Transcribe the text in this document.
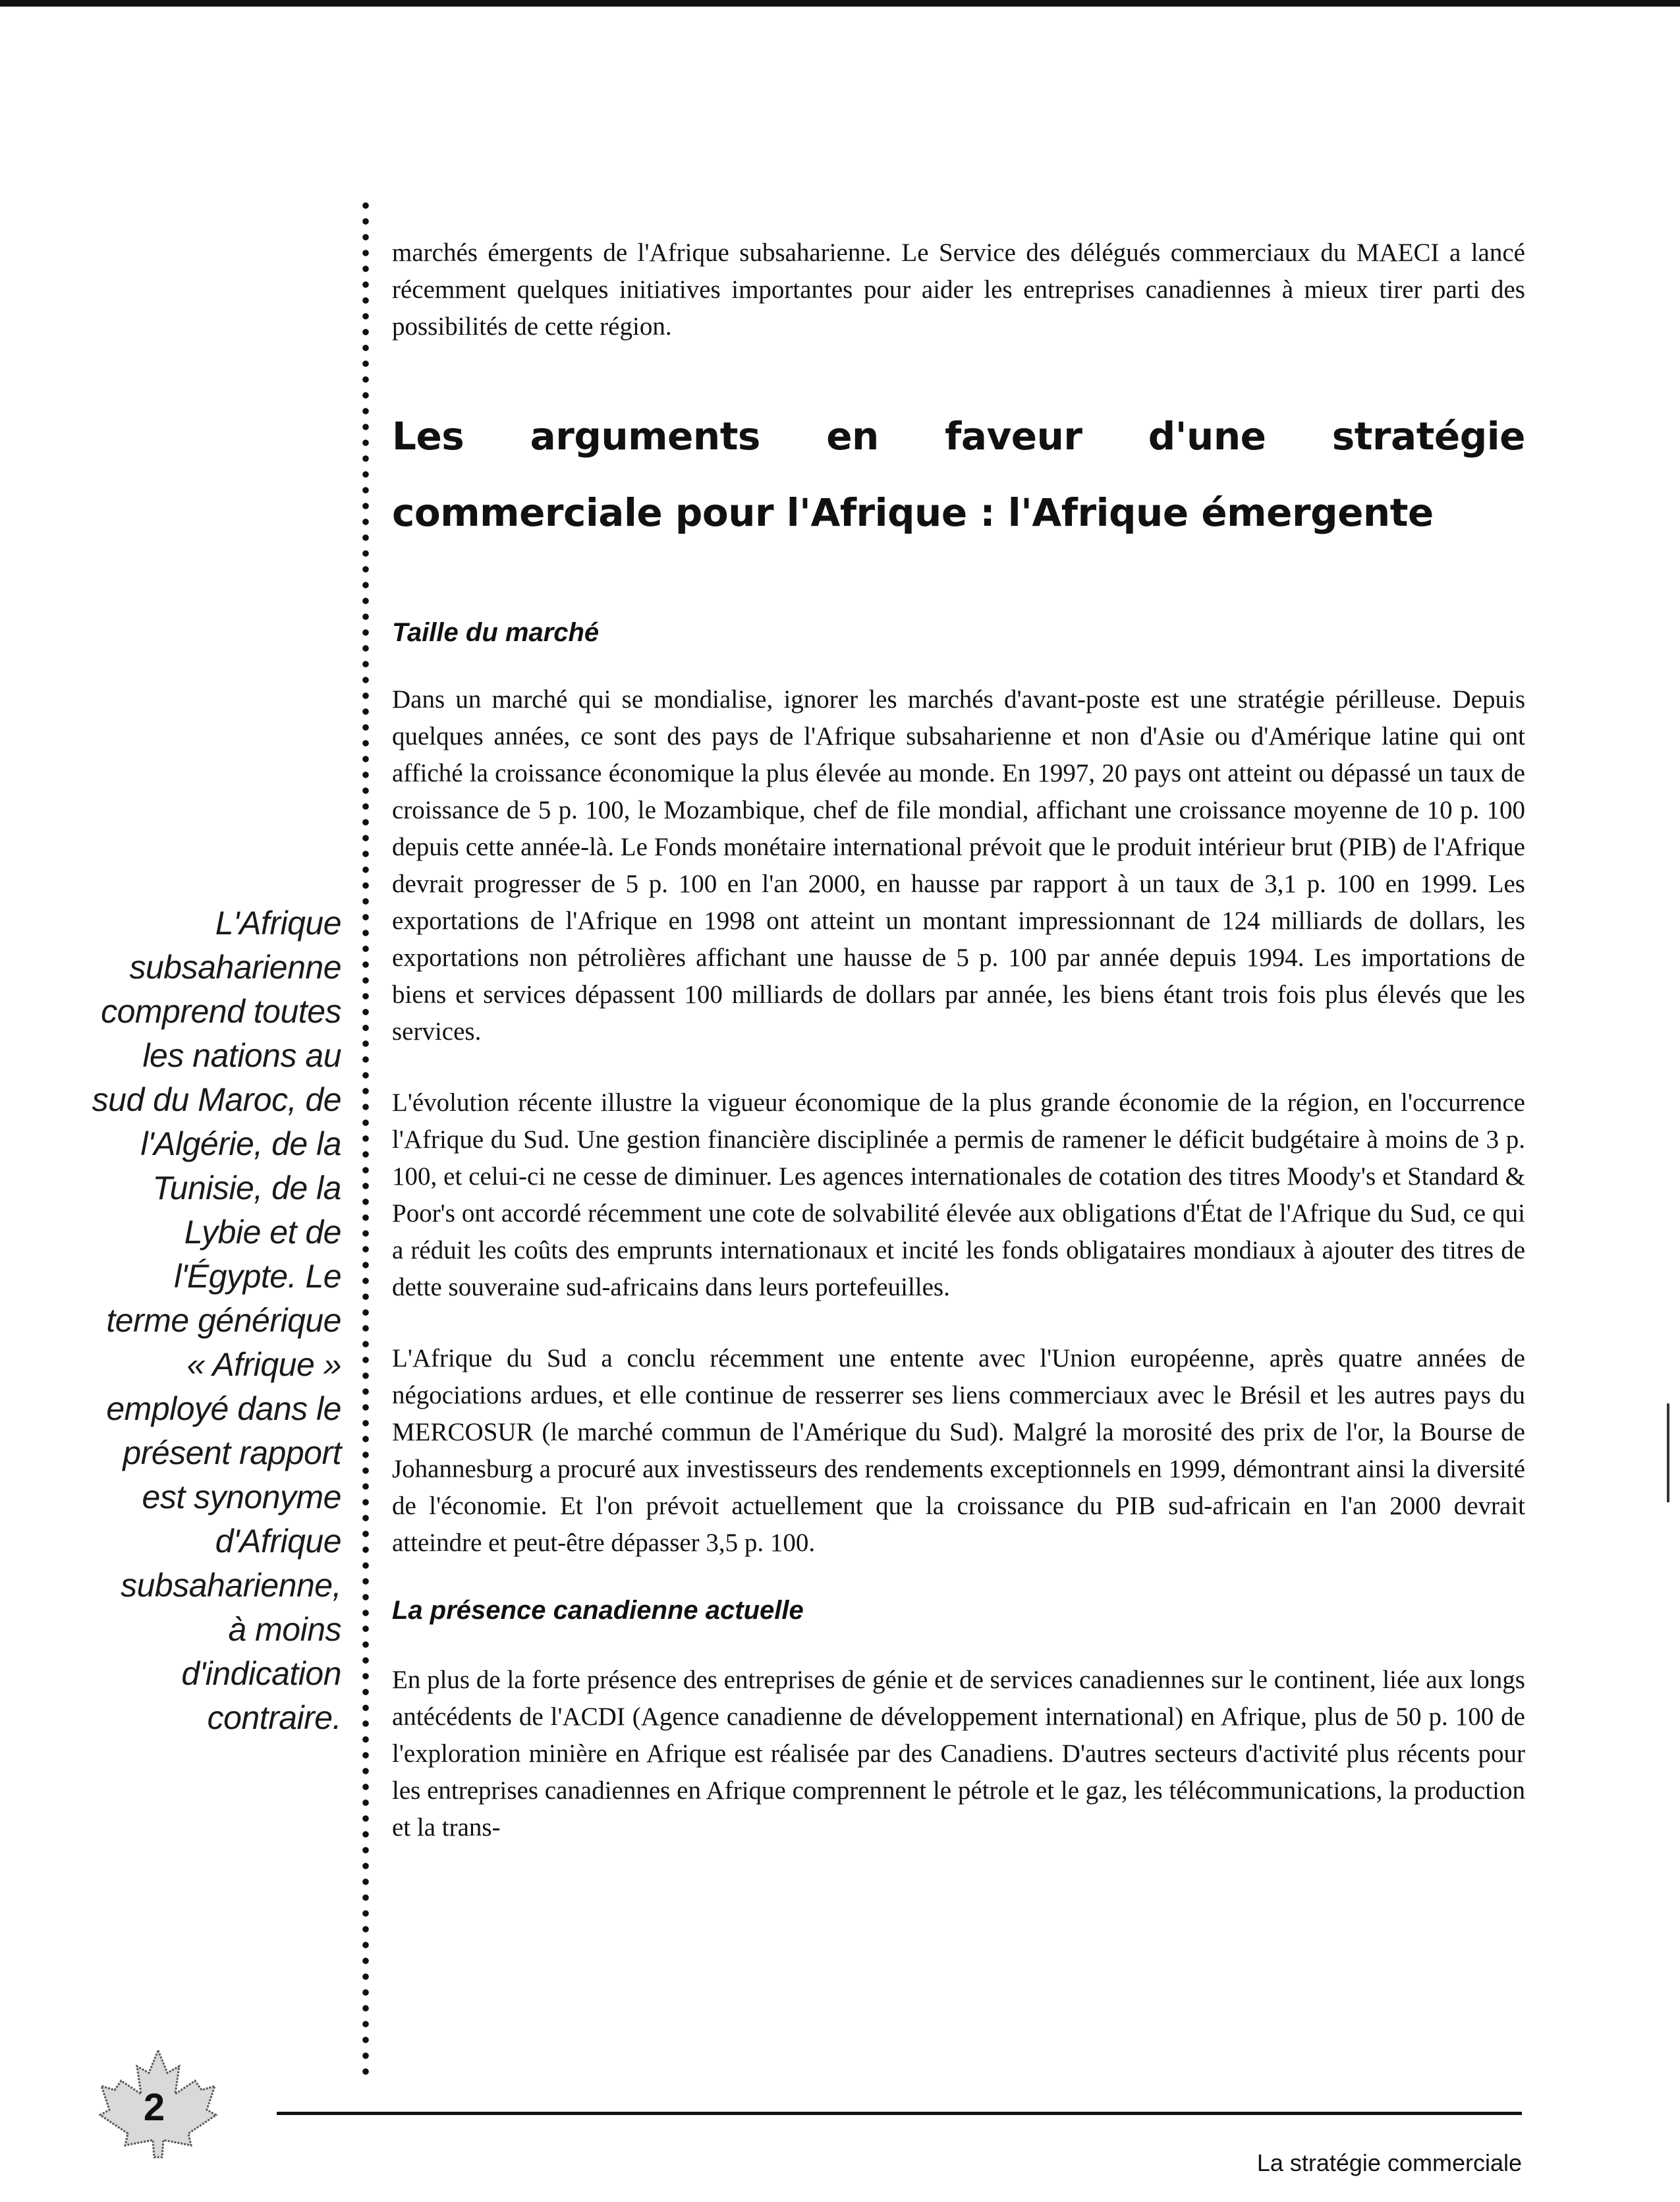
marchés émergents de l'Afrique subsaharienne. Le Service des délégués commerciaux du MAECI a lancé récemment quelques initiatives importantes pour aider les entreprises canadiennes à mieux tirer parti des possibilités de cette région.

Les arguments en faveur d'une stratégie commerciale pour l'Afrique : l'Afrique émergente
Taille du marché

Dans un marché qui se mondialise, ignorer les marchés d'avant-poste est une stratégie périlleuse. Depuis quelques années, ce sont des pays de l'Afrique subsaharienne et non d'Asie ou d'Amérique latine qui ont affiché la croissance économique la plus élevée au monde. En 1997, 20 pays ont atteint ou dépassé un taux de croissance de 5 p. 100, le Mozambique, chef de file mondial, affichant une croissance moyenne de 10 p. 100 depuis cette année-là. Le Fonds monétaire international prévoit que le produit intérieur brut (PIB) de l'Afrique devrait progresser de 5 p. 100 en l'an 2000, en hausse par rapport à un taux de 3,1 p. 100 en 1999. Les exportations de l'Afrique en 1998 ont atteint un montant impressionnant de 124 milliards de dollars, les exportations non pétrolières affichant une hausse de 5 p. 100 par année depuis 1994. Les importations de biens et services dépassent 100 milliards de dollars par année, les biens étant trois fois plus élevés que les services.

L'évolution récente illustre la vigueur économique de la plus grande économie de la région, en l'occurrence l'Afrique du Sud. Une gestion financière disciplinée a permis de ramener le déficit budgétaire à moins de 3 p. 100, et celui-ci ne cesse de diminuer. Les agences internationales de cotation des titres Moody's et Standard & Poor's ont accordé récemment une cote de solvabilité élevée aux obligations d'État de l'Afrique du Sud, ce qui a réduit les coûts des emprunts internationaux et incité les fonds obligataires mondiaux à ajouter des titres de dette souveraine sud-africains dans leurs portefeuilles.

L'Afrique du Sud a conclu récemment une entente avec l'Union européenne, après quatre années de négociations ardues, et elle continue de resserrer ses liens commerciaux avec le Brésil et les autres pays du MERCOSUR (le marché commun de l'Amérique du Sud). Malgré la morosité des prix de l'or, la Bourse de Johannesburg a procuré aux investisseurs des rendements exceptionnels en 1999, démontrant ainsi la diversité de l'économie. Et l'on prévoit actuellement que la croissance du PIB sud-africain en l'an 2000 devrait atteindre et peut-être dépasser 3,5 p. 100.

La présence canadienne actuelle

En plus de la forte présence des entreprises de génie et de services canadiennes sur le continent, liée aux longs antécédents de l'ACDI (Agence canadienne de développement international) en Afrique, plus de 50 p. 100 de l'exploration minière en Afrique est réalisée par des Canadiens. D'autres secteurs d'activité plus récents pour les entreprises canadiennes en Afrique comprennent le pétrole et le gaz, les télécommunications, la production et la trans-

L'Afrique
subsaharienne
comprend toutes
les nations au
sud du Maroc, de
l'Algérie, de la
Tunisie, de la
Lybie et de
l'Égypte. Le
terme générique
« Afrique »
employé dans le
présent rapport
est synonyme
d'Afrique
subsaharienne,
à moins
d'indication
contraire.
2
La stratégie commerciale
